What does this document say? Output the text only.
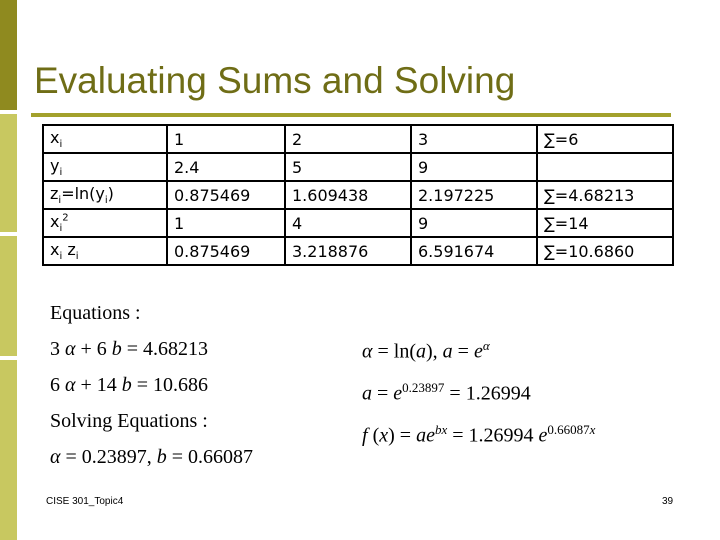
Evaluating Sums and Solving
$x_i$	1	2	3	∑=6
$y_i$	2.4	5	9	
$z_i=\ln(y_i)$	0.875469	1.609438	2.197225	∑=4.68213
$x_i^2$	1	4	9	∑=14
$x_i$ $z_i$	0.875469	3.218876	6.591674	∑=10.6860
Equations :
3 α + 6 b = 4.68213
6 α + 14 b = 10.686
Solving Equations :
α = 0.23897, b = 0.66087
α = ln(a), $a = e^\alpha$
$a = e^{0.23897} = 1.26994$
f $(x) = ae^{bx} = 1.26994$ $e^{0.66087x}$
CISE 301_Topic4	39
